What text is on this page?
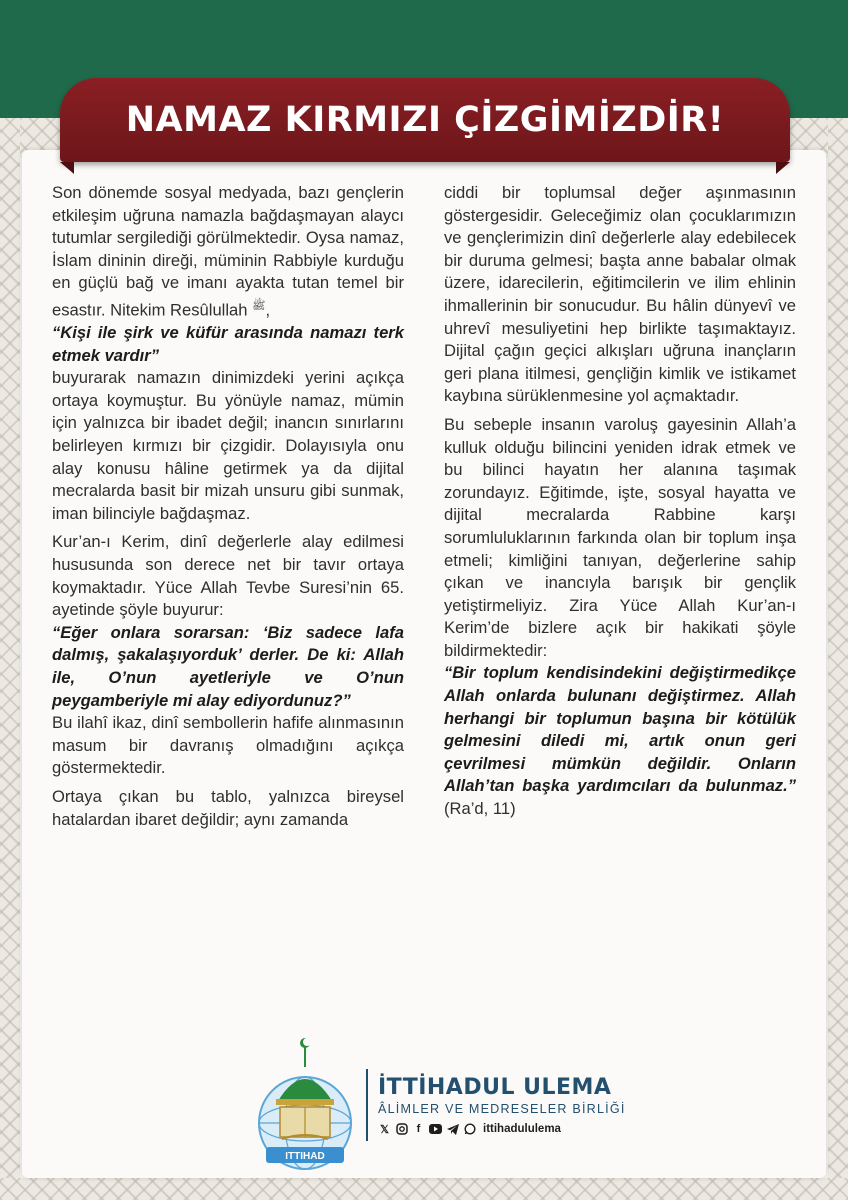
NAMAZ KIRMIZI ÇİZGİMİZDİR!

Son dönemde sosyal medyada, bazı gençlerin etkileşim uğruna namazla bağdaşmayan alaycı tutumlar sergilediği görülmektedir. Oysa namaz, İslam dininin direği, müminin Rabbiyle kurduğu en güçlü bağ ve imanı ayakta tutan temel bir esastır. Nitekim Resûlullah ﷺ,

“Kişi ile şirk ve küfür arasında namazı terk etmek vardır”

buyurarak namazın dinimizdeki yerini açıkça ortaya koymuştur. Bu yönüyle namaz, mümin için yalnızca bir ibadet değil; inancın sınırlarını belirleyen kırmızı bir çizgidir. Dolayısıyla onu alay konusu hâline getirmek ya da dijital mecralarda basit bir mizah unsuru gibi sunmak, iman bilinciyle bağdaşmaz.

Kur’an-ı Kerim, dinî değerlerle alay edilmesi hususunda son derece net bir tavır ortaya koymaktadır. Yüce Allah Tevbe Suresi’nin 65. ayetinde şöyle buyurur:

“Eğer onlara sorarsan: ‘Biz sadece lafa dalmış, şakalaşıyorduk’ derler. De ki: Allah ile, O’nun ayetleriyle ve O’nun peygamberiyle mi alay ediyordunuz?”

Bu ilahî ikaz, dinî sembollerin hafife alınmasının masum bir davranış olmadığını açıkça göstermektedir.

Ortaya çıkan bu tablo, yalnızca bireysel hatalardan ibaret değildir; aynı zamanda

ciddi bir toplumsal değer aşınmasının göstergesidir. Geleceğimiz olan çocuklarımızın ve gençlerimizin dinî değerlerle alay edebilecek bir duruma gelmesi; başta anne babalar olmak üzere, idarecilerin, eğitimcilerin ve ilim ehlinin ihmallerinin bir sonucudur. Bu hâlin dünyevî ve uhrevî mesuliyetini hep birlikte taşımaktayız. Dijital çağın geçici alkışları uğruna inançların geri plana itilmesi, gençliğin kimlik ve istikamet kaybına sürüklenmesine yol açmaktadır.

Bu sebeple insanın varoluş gayesinin Allah’a kulluk olduğu bilincini yeniden idrak etmek ve bu bilinci hayatın her alanına taşımak zorundayız. Eğitimde, işte, sosyal hayatta ve dijital mecralarda Rabbine karşı sorumluluklarının farkında olan bir toplum inşa etmeli; kimliğini tanıyan, değerlerine sahip çıkan ve inancıyla barışık bir gençlik yetiştirmeliyiz. Zira Yüce Allah Kur’an-ı Kerim’de bizlere açık bir hakikati şöyle bildirmektedir:

“Bir toplum kendisindekini değiştirmedikçe Allah onlarda bulunanı değiştirmez. Allah herhangi bir toplumun başına bir kötülük gelmesini diledi mi, artık onun geri çevrilmesi mümkün değildir. Onların Allah’tan başka yardımcıları da bulunmaz.” (Ra’d, 11)

ITTIHAD
İTTİHADUL ULEMA
ÂLİMLER VE MEDRESELER BİRLİĞİ
𝕏	f	ittihadululema
